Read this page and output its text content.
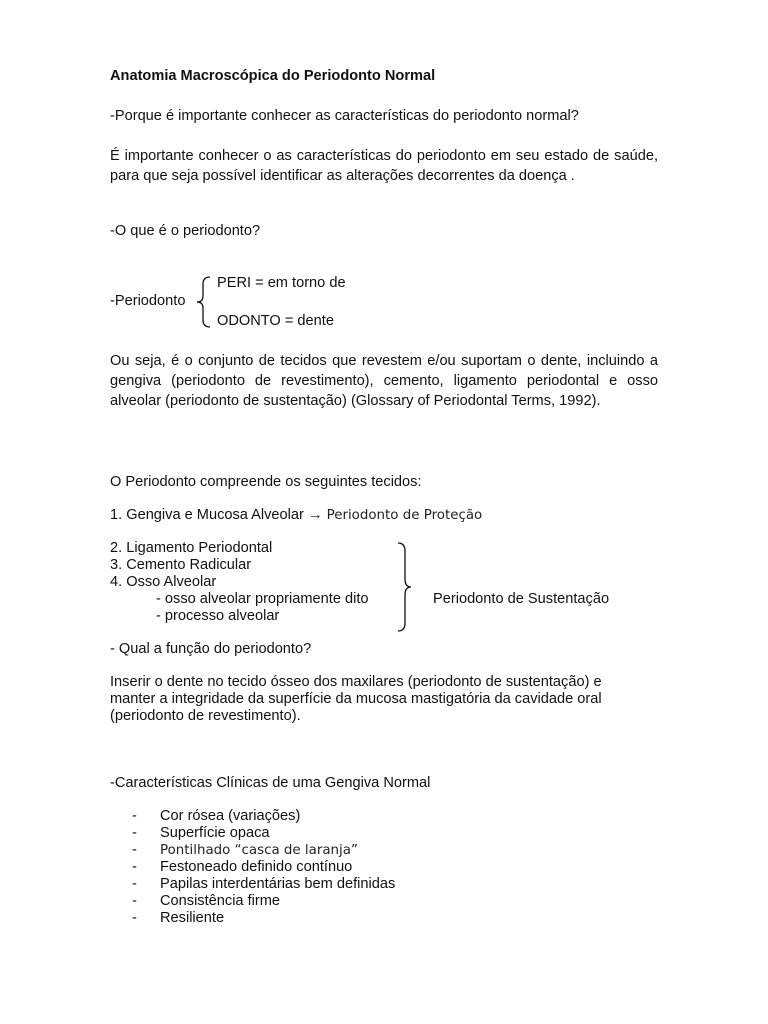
Anatomia Macroscópica do Periodonto Normal
-Porque é importante conhecer as características do periodonto normal?
É importante conhecer o as características do periodonto em seu estado de saúde, para que seja possível identificar as alterações decorrentes da doença .
-O que é o periodonto?
-Periodonto
PERI = em torno de
ODONTO = dente
Ou seja, é o conjunto de tecidos que revestem e/ou suportam o dente, incluindo a gengiva (periodonto de revestimento), cemento, ligamento periodontal e osso alveolar (periodonto de sustentação) (Glossary of Periodontal Terms, 1992).
O Periodonto compreende os seguintes tecidos:
1. Gengiva e Mucosa Alveolar → Periodonto de Proteção
2. Ligamento Periodontal
3. Cemento Radicular
4. Osso Alveolar
- osso alveolar propriamente dito
- processo alveolar
Periodonto de Sustentação
- Qual a função do periodonto?
Inserir o dente no tecido ósseo dos maxilares (periodonto de sustentação) e
manter a integridade da superfície da mucosa mastigatória da cavidade oral
(periodonto de revestimento).
-Características Clínicas de uma Gengiva Normal
- Cor rósea (variações)
- Superfície opaca
- Pontilhado “casca de laranja”
- Festoneado definido contínuo
- Papilas interdentárias bem definidas
- Consistência firme
- Resiliente
